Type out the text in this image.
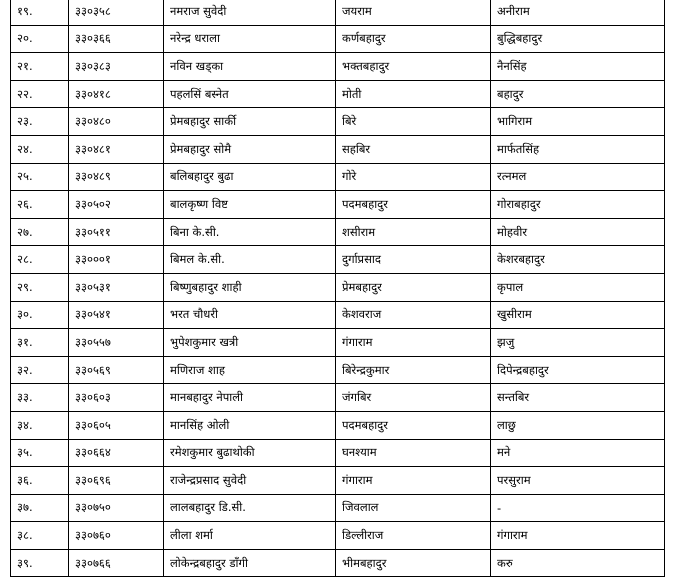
१९.	३३०३५८	नमराज सुवेदी	जयराम	अनीराम
२०.	३३०३६६	नरेन्द्र धराला	कर्णबहादुर	बुद्धिबहादुर
२१.	३३०३८३	नविन खड्का	भक्तबहादुर	नैनसिंह
२२.	३३०४१८	पहलसिं बस्नेत	मोती	बहादुर
२३.	३३०४८०	प्रेमबहादुर सार्की	बिरे	भागिराम
२४.	३३०४८१	प्रेमबहादुर सोमै	सहबिर	मार्फतसिंह
२५.	३३०४८९	बलिबहादुर बुढा	गोरे	रत्नमल
२६.	३३०५०२	बालकृष्ण विष्ट	पदमबहादुर	गोराबहादुर
२७.	३३०५११	बिना के.सी.	शसीराम	मोहवीर
२८.	३३०००१	बिमल के.सी.	दुर्गाप्रसाद	केशरबहादुर
२९.	३३०५३१	बिष्णुबहादुर शाही	प्रेमबहादुर	कृपाल
३०.	३३०५४१	भरत चौधरी	केशवराज	खुसीराम
३१.	३३०५५७	भुपेशकुमार खत्री	गंगाराम	झजु
३२.	३३०५६९	मणिराज शाह	बिरेन्द्रकुमार	दिपेन्द्रबहादुर
३३.	३३०६०३	मानबहादुर नेपाली	जंगबिर	सन्तबिर
३४.	३३०६०५	मानसिंह ओली	पदमबहादुर	लाछु
३५.	३३०६६४	रमेशकुमार बुढाथोकी	घनश्याम	मने
३६.	३३०६९६	राजेन्द्रप्रसाद सुवेदी	गंगाराम	परसुराम
३७.	३३०७५०	लालबहादुर डि.सी.	जिवलाल	-
३८.	३३०७६०	लीला शर्मा	डिल्लीराज	गंगाराम
३९.	३३०७६६	लोकेन्द्रबहादुर डाँगी	भीमबहादुर	करु
